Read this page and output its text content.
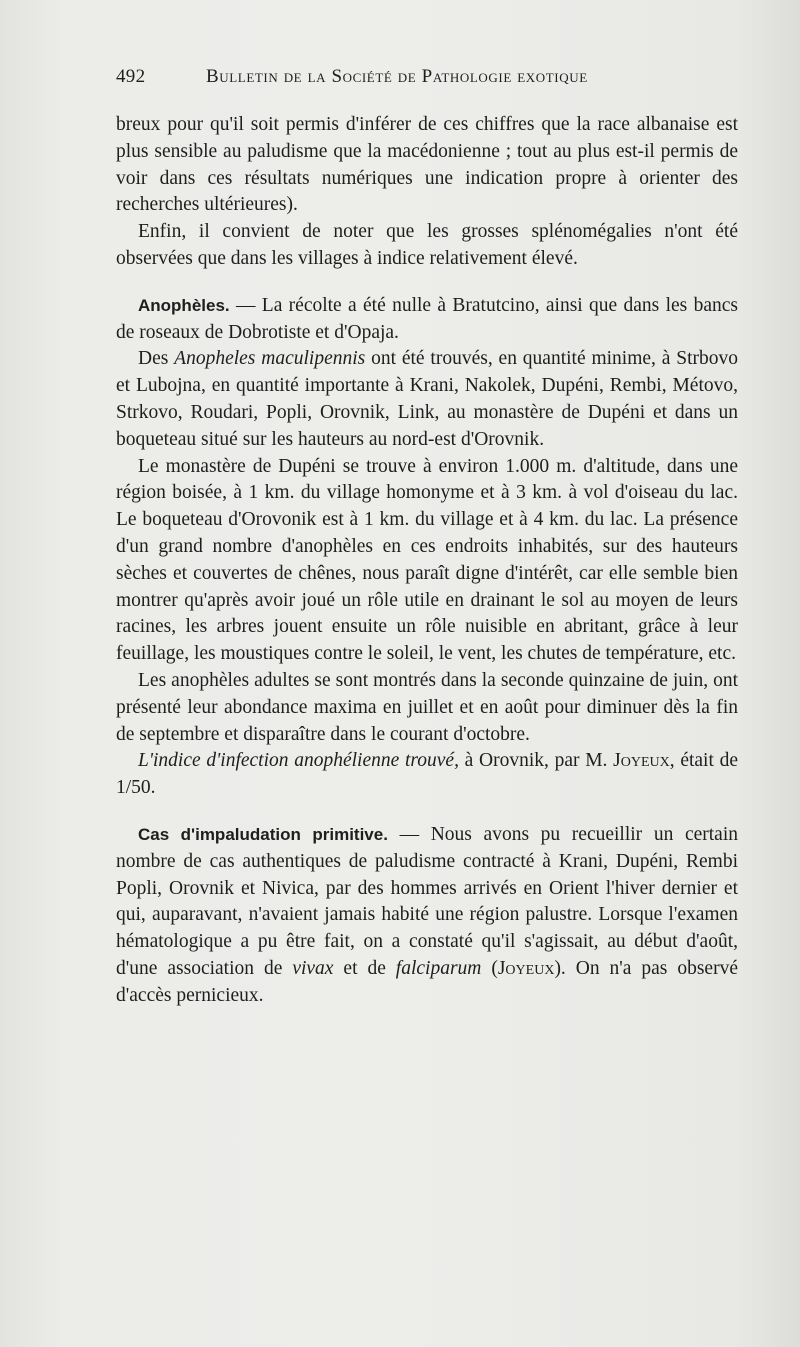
492	Bulletin de la Société de Pathologie exotique

breux pour qu'il soit permis d'inférer de ces chiffres que la race albanaise est plus sensible au paludisme que la macédonienne ; tout au plus est-il permis de voir dans ces résultats numériques une indication propre à orienter des recherches ultérieures).

Enfin, il convient de noter que les grosses splénomégalies n'ont été observées que dans les villages à indice relativement élevé.

Anophèles. — La récolte a été nulle à Bratutcino, ainsi que dans les bancs de roseaux de Dobrotiste et d'Opaja.

Des Anopheles maculipennis ont été trouvés, en quantité minime, à Strbovo et Lubojna, en quantité importante à Krani, Nakolek, Dupéni, Rembi, Métovo, Strkovo, Roudari, Popli, Orovnik, Link, au monastère de Dupéni et dans un boqueteau situé sur les hauteurs au nord-est d'Orovnik.

Le monastère de Dupéni se trouve à environ 1.000 m. d'altitude, dans une région boisée, à 1 km. du village homonyme et à 3 km. à vol d'oiseau du lac. Le boqueteau d'Orovonik est à 1 km. du village et à 4 km. du lac. La présence d'un grand nombre d'anophèles en ces endroits inhabités, sur des hauteurs sèches et couvertes de chênes, nous paraît digne d'intérêt, car elle semble bien montrer qu'après avoir joué un rôle utile en drainant le sol au moyen de leurs racines, les arbres jouent ensuite un rôle nuisible en abritant, grâce à leur feuillage, les moustiques contre le soleil, le vent, les chutes de température, etc.

Les anophèles adultes se sont montrés dans la seconde quinzaine de juin, ont présenté leur abondance maxima en juillet et en août pour diminuer dès la fin de septembre et disparaître dans le courant d'octobre.

L'indice d'infection anophélienne trouvé, à Orovnik, par M. Joyeux, était de 1/50.

Cas d'impaludation primitive. — Nous avons pu recueillir un certain nombre de cas authentiques de paludisme contracté à Krani, Dupéni, Rembi Popli, Orovnik et Nivica, par des hommes arrivés en Orient l'hiver dernier et qui, auparavant, n'avaient jamais habité une région palustre. Lorsque l'examen hématologique a pu être fait, on a constaté qu'il s'agissait, au début d'août, d'une association de vivax et de falciparum (Joyeux). On n'a pas observé d'accès pernicieux.
